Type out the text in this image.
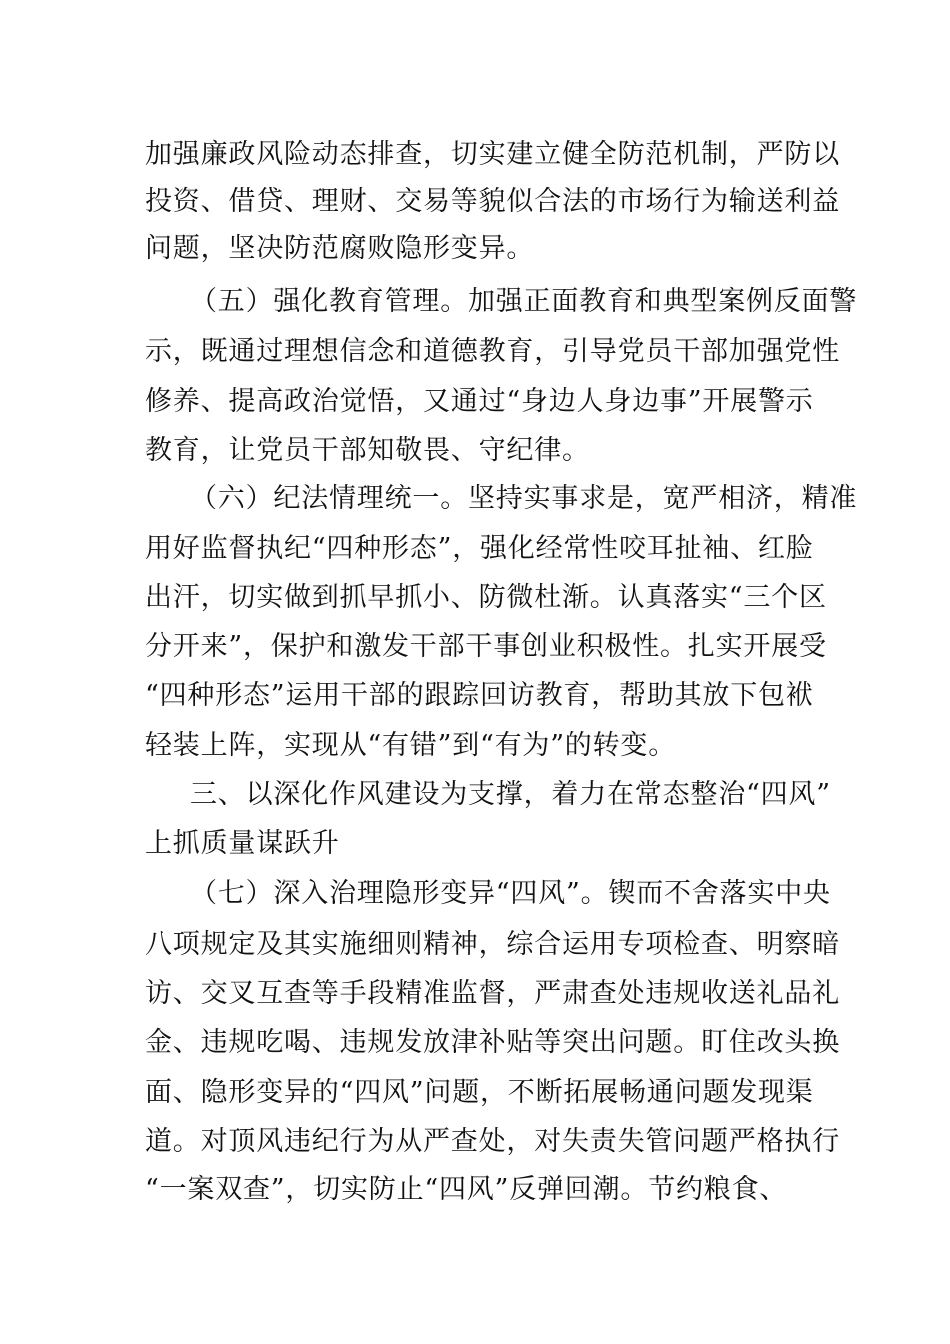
加强廉政风险动态排查，切实建立健全防范机制，严防以
投资、借贷、理财、交易等貌似合法的市场行为输送利益
问题，坚决防范腐败隐形变异。
（五）强化教育管理。加强正面教育和典型案例反面警
示，既通过理想信念和道德教育，引导党员干部加强党性
修养、提高政治觉悟，又通过“身边人身边事”开展警示
教育，让党员干部知敬畏、守纪律。
（六）纪法情理统一。坚持实事求是，宽严相济，精准
用好监督执纪“四种形态”，强化经常性咬耳扯袖、红脸
出汗，切实做到抓早抓小、防微杜渐。认真落实“三个区
分开来”，保护和激发干部干事创业积极性。扎实开展受
“四种形态”运用干部的跟踪回访教育，帮助其放下包袱
轻装上阵，实现从“有错”到“有为”的转变。
三、以深化作风建设为支撑，着力在常态整治“四风”
上抓质量谋跃升
（七）深入治理隐形变异“四风”。锲而不舍落实中央
八项规定及其实施细则精神，综合运用专项检查、明察暗
访、交叉互查等手段精准监督，严肃查处违规收送礼品礼
金、违规吃喝、违规发放津补贴等突出问题。盯住改头换
面、隐形变异的“四风”问题，不断拓展畅通问题发现渠
道。对顶风违纪行为从严查处，对失责失管问题严格执行
“一案双查”，切实防止“四风”反弹回潮。节约粮食、
